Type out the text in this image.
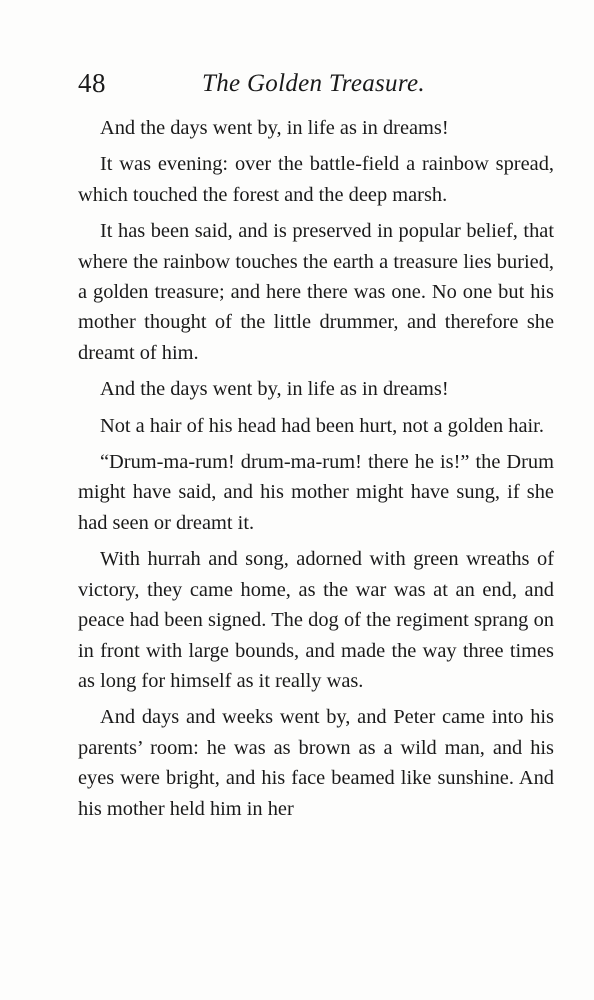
48	The Golden Treasure.

And the days went by, in life as in dreams!

It was evening: over the battle-field a rainbow spread, which touched the forest and the deep marsh.

It has been said, and is preserved in popular belief, that where the rainbow touches the earth a treasure lies buried, a golden treasure; and here there was one. No one but his mother thought of the little drummer, and therefore she dreamt of him.

And the days went by, in life as in dreams!

Not a hair of his head had been hurt, not a golden hair.

“Drum-ma-rum! drum-ma-rum! there he is!” the Drum might have said, and his mother might have sung, if she had seen or dreamt it.

With hurrah and song, adorned with green wreaths of victory, they came home, as the war was at an end, and peace had been signed. The dog of the regiment sprang on in front with large bounds, and made the way three times as long for himself as it really was.

And days and weeks went by, and Peter came into his parents’ room: he was as brown as a wild man, and his eyes were bright, and his face beamed like sunshine. And his mother held him in her
